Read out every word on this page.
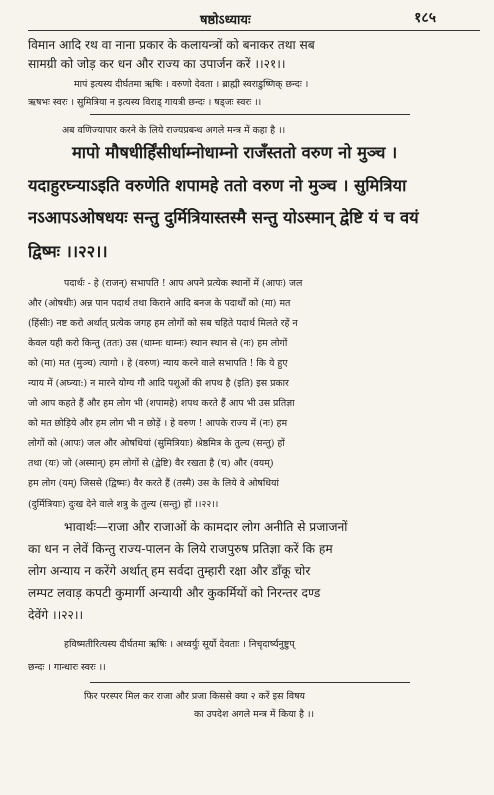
षष्ठोऽध्यायः	१८५
विमान आदि रथ वा नाना प्रकार के कलायन्त्रों को बनाकर तथा सब
सामग्री को जोड़ कर धन और राज्य का उपार्जन करें ।।२१।।
मापं इत्यस्य दीर्घतमा ऋषिः । वरुणो देवता । ब्राह्मी स्वराडुष्णिक् छन्दः ।
ऋषभः स्वरः । सुमित्रिया न इत्यस्य विराड् गायत्री छन्दः । षड्जः स्वरः ।।
अब वणिज्यापार करने के लिये राज्यप्रबन्ध अगले मन्त्र में कहा है ।।
मापो मौषधीर्हिंसीर्धाम्नोधाम्नो राजँस्ततो वरुण नो मुञ्च ।
यदाहुरघ्न्याऽइति वरुणेति शपामहे ततो वरुण नो मुञ्च । सुमित्रिया
नऽआपऽओषधयः सन्तु दुर्मित्रियास्तस्मै सन्तु योऽस्मान् द्वेष्टि यं च वयं
द्विष्मः ।।२२।।
पदार्थः - हे (राजन्) सभापति ! आप अपने प्रत्येक स्थानों में (आपः) जल
और (ओषधीः) अन्न पान पदार्थ तथा किराने आदि बनज के पदार्थों को (मा) मत
(हिंसीः) नष्ट करो अर्थात् प्रत्येक जगह हम लोगों को सब चहिते पदार्थ मिलते रहें न
केवल यही करो किन्तु (ततः) उस (धाम्नः धाम्नः) स्थान स्थान से (नः) हम लोगों
को (मा) मत (मुञ्च) त्यागो । हे (वरुण) न्याय करने वाले सभापति ! कि ये हुए
न्याय में (अघ्न्या:) न मारने योग्य गौ आदि पशुओं की शपथ है (इति) इस प्रकार
जो आप कहते हैं और हम लोग भी (शपामहे) शपथ करते हैं आप भी उस प्रतिज्ञा
को मत छोड़िये और हम लोग भी न छोड़ें । हे वरुण ! आपके राज्य में (नः) हम
लोगों को (आपः) जल और ओषधियां (सुमित्रियाः) श्रेष्ठमित्र के तुल्य (सन्तु) हों
तथा (यः) जो (अस्मान्) हम लोगों से (द्वेष्टि) वैर रखता है (च) और (वयम्)
हम लोग (यम्) जिससे (द्विष्मः) वैर करते हैं (तस्मै) उस के लिये वे ओषधियां
(दुर्मित्रियाः) दुःख देने वाले शत्रु के तुल्य (सन्तु) हों ।।२२।।
भावार्थः—राजा और राजाओं के कामदार लोग अनीति से प्रजाजनों
का धन न लेवें किन्तु राज्य-पालन के लिये राजपुरुष प्रतिज्ञा करें कि हम
लोग अन्याय न करेंगे अर्थात् हम सर्वदा तुम्हारी रक्षा और डाँकू चोर
लम्पट लवाड़ कपटी कुमार्गी अन्यायी और कुकर्मियों को निरन्तर दण्ड
देवेंगे ।।२२।।
हविष्मतीरित्यस्य दीर्घतमा ऋषिः । अध्वर्युः सूर्यो देवताः । निचृदार्ष्यनुष्टुप्
छन्दः । गान्धारः स्वरः ।।
फिर परस्पर मिल कर राजा और प्रजा किससे क्या २ करें इस विषय
का उपदेश अगले मन्त्र में किया है ।।
